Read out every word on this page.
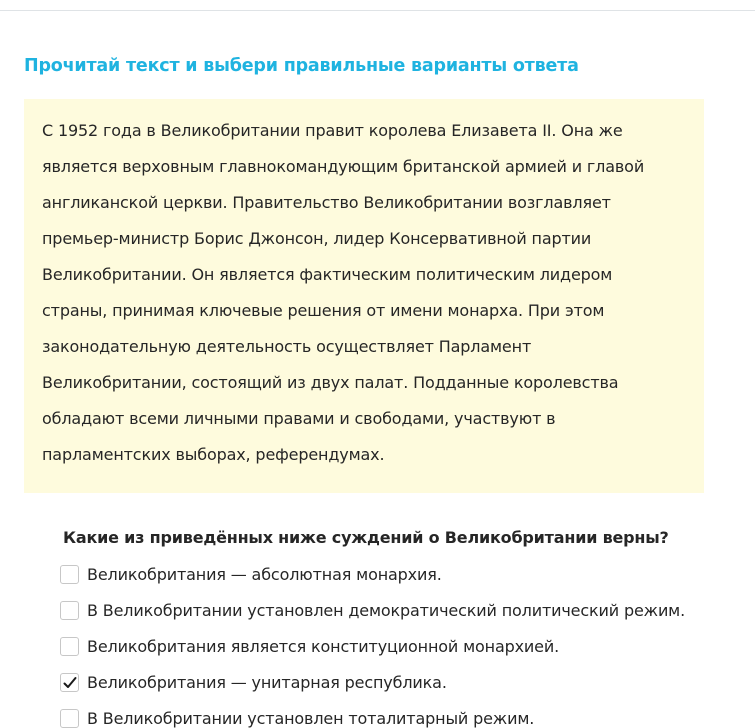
Прочитай текст и выбери правильные варианты ответа
С 1952 года в Великобритании правит королева Елизавета II. Она же
является верховным главнокомандующим британской армией и главой
англиканской церкви. Правительство Великобритании возглавляет
премьер-министр Борис Джонсон, лидер Консервативной партии
Великобритании. Он является фактическим политическим лидером
страны, принимая ключевые решения от имени монарха. При этом
законодательную деятельность осуществляет Парламент
Великобритании, состоящий из двух палат. Подданные королевства
обладают всеми личными правами и свободами, участвуют в
парламентских выборах, референдумах.
Какие из приведённых ниже суждений о Великобритании верны?
Великобритания — абсолютная монархия.
В Великобритании установлен демократический политический режим.
Великобритания является конституционной монархией.
Великобритания — унитарная республика.
В Великобритании установлен тоталитарный режим.
